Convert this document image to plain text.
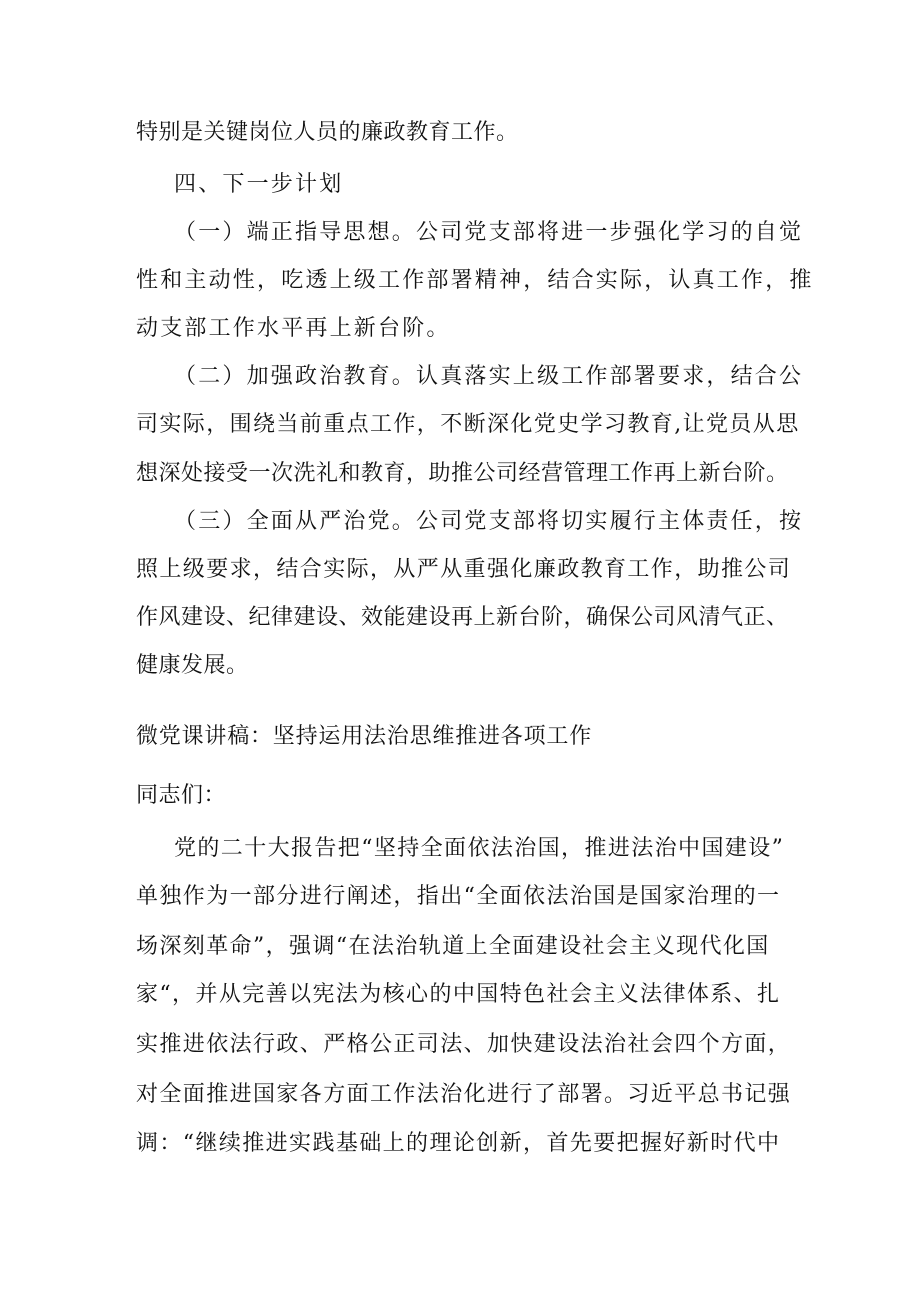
特别是关键岗位人员的廉政教育工作。
四、下一步计划
（一）端正指导思想。公司党支部将进一步强化学习的自觉
性和主动性，吃透上级工作部署精神，结合实际，认真工作，推
动支部工作水平再上新台阶。
（二）加强政治教育。认真落实上级工作部署要求，结合公
司实际，围绕当前重点工作，不断深化党史学习教育,让党员从思
想深处接受一次洗礼和教育，助推公司经营管理工作再上新台阶。
（三）全面从严治党。公司党支部将切实履行主体责任，按
照上级要求，结合实际，从严从重强化廉政教育工作，助推公司
作风建设、纪律建设、效能建设再上新台阶，确保公司风清气正、
健康发展。
微党课讲稿：坚持运用法治思维推进各项工作
同志们：
党的二十大报告把“坚持全面依法治国，推进法治中国建设”
单独作为一部分进行阐述，指出“全面依法治国是国家治理的一
场深刻革命”，强调“在法治轨道上全面建设社会主义现代化国
家“，并从完善以宪法为核心的中国特色社会主义法律体系、扎
实推进依法行政、严格公正司法、加快建设法治社会四个方面，
对全面推进国家各方面工作法治化进行了部署。习近平总书记强
调：“继续推进实践基础上的理论创新，首先要把握好新时代中
